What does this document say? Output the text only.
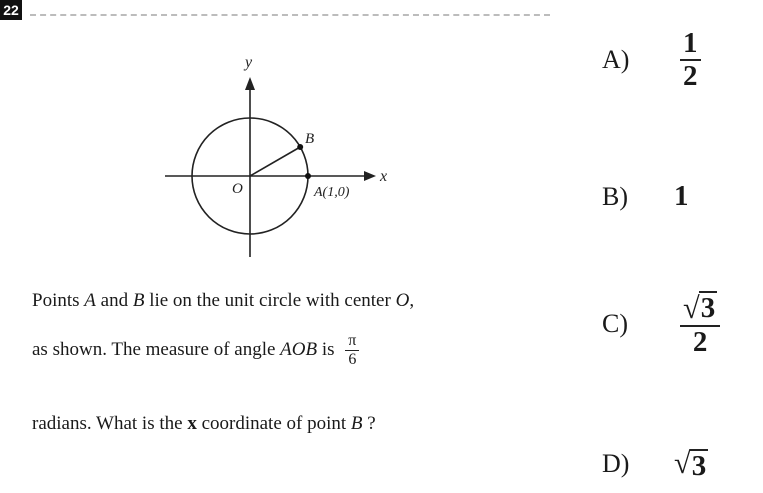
22
y
x
O	A(1,0)
B
Points A and B lie on the unit circle with center O,
as shown. The measure of angle AOB is $\frac{\pi}{6}$
radians. What is the x coordinate of point B ?
A)	$\frac{1}{2}$
B)	1
C)	$\frac{√ 3}{2}$
D)	√ 3
